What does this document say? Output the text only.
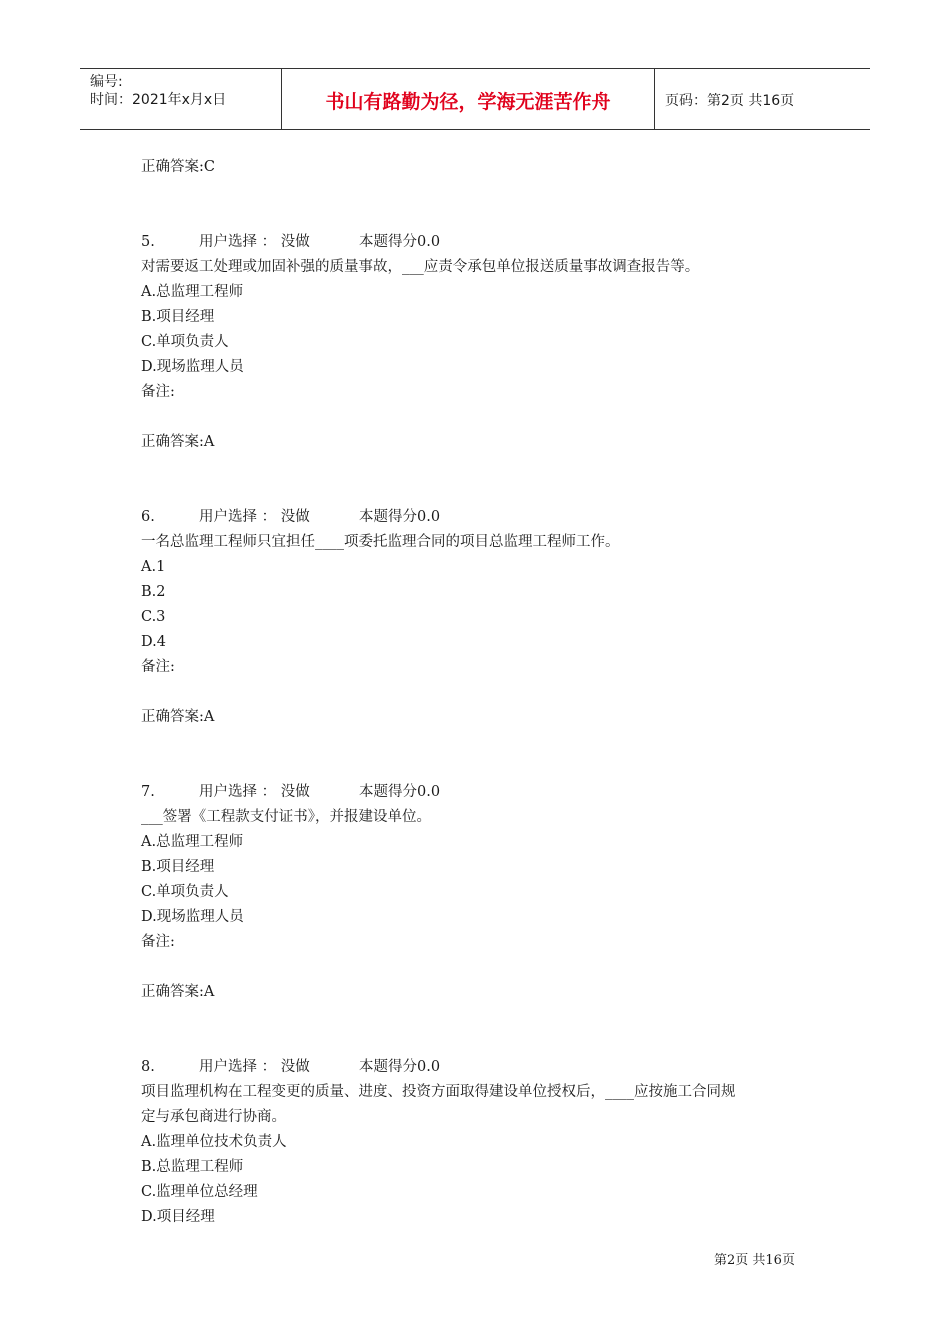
编号:
时间：2021年x月x日	书山有路勤为径，学海无涯苦作舟	页码：第2页 共16页
正确答案:C
5.	用户选择 ： 没做	本题得分0.0
对需要返工处理或加固补强的质量事故，___应责令承包单位报送质量事故调查报告等。
A.总监理工程师
B.项目经理
C.单项负责人
D.现场监理人员
备注:
正确答案:A
6.	用户选择 ： 没做	本题得分0.0
一名总监理工程师只宜担任____项委托监理合同的项目总监理工程师工作。
A.1
B.2
C.3
D.4
备注:
正确答案:A
7.	用户选择 ： 没做	本题得分0.0
___签署《工程款支付证书》，并报建设单位。
A.总监理工程师
B.项目经理
C.单项负责人
D.现场监理人员
备注:
正确答案:A
8.	用户选择 ： 没做	本题得分0.0
项目监理机构在工程变更的质量、进度、投资方面取得建设单位授权后，____应按施工合同规
定与承包商进行协商。
A.监理单位技术负责人
B.总监理工程师
C.监理单位总经理
D.项目经理
第2页 共16页
